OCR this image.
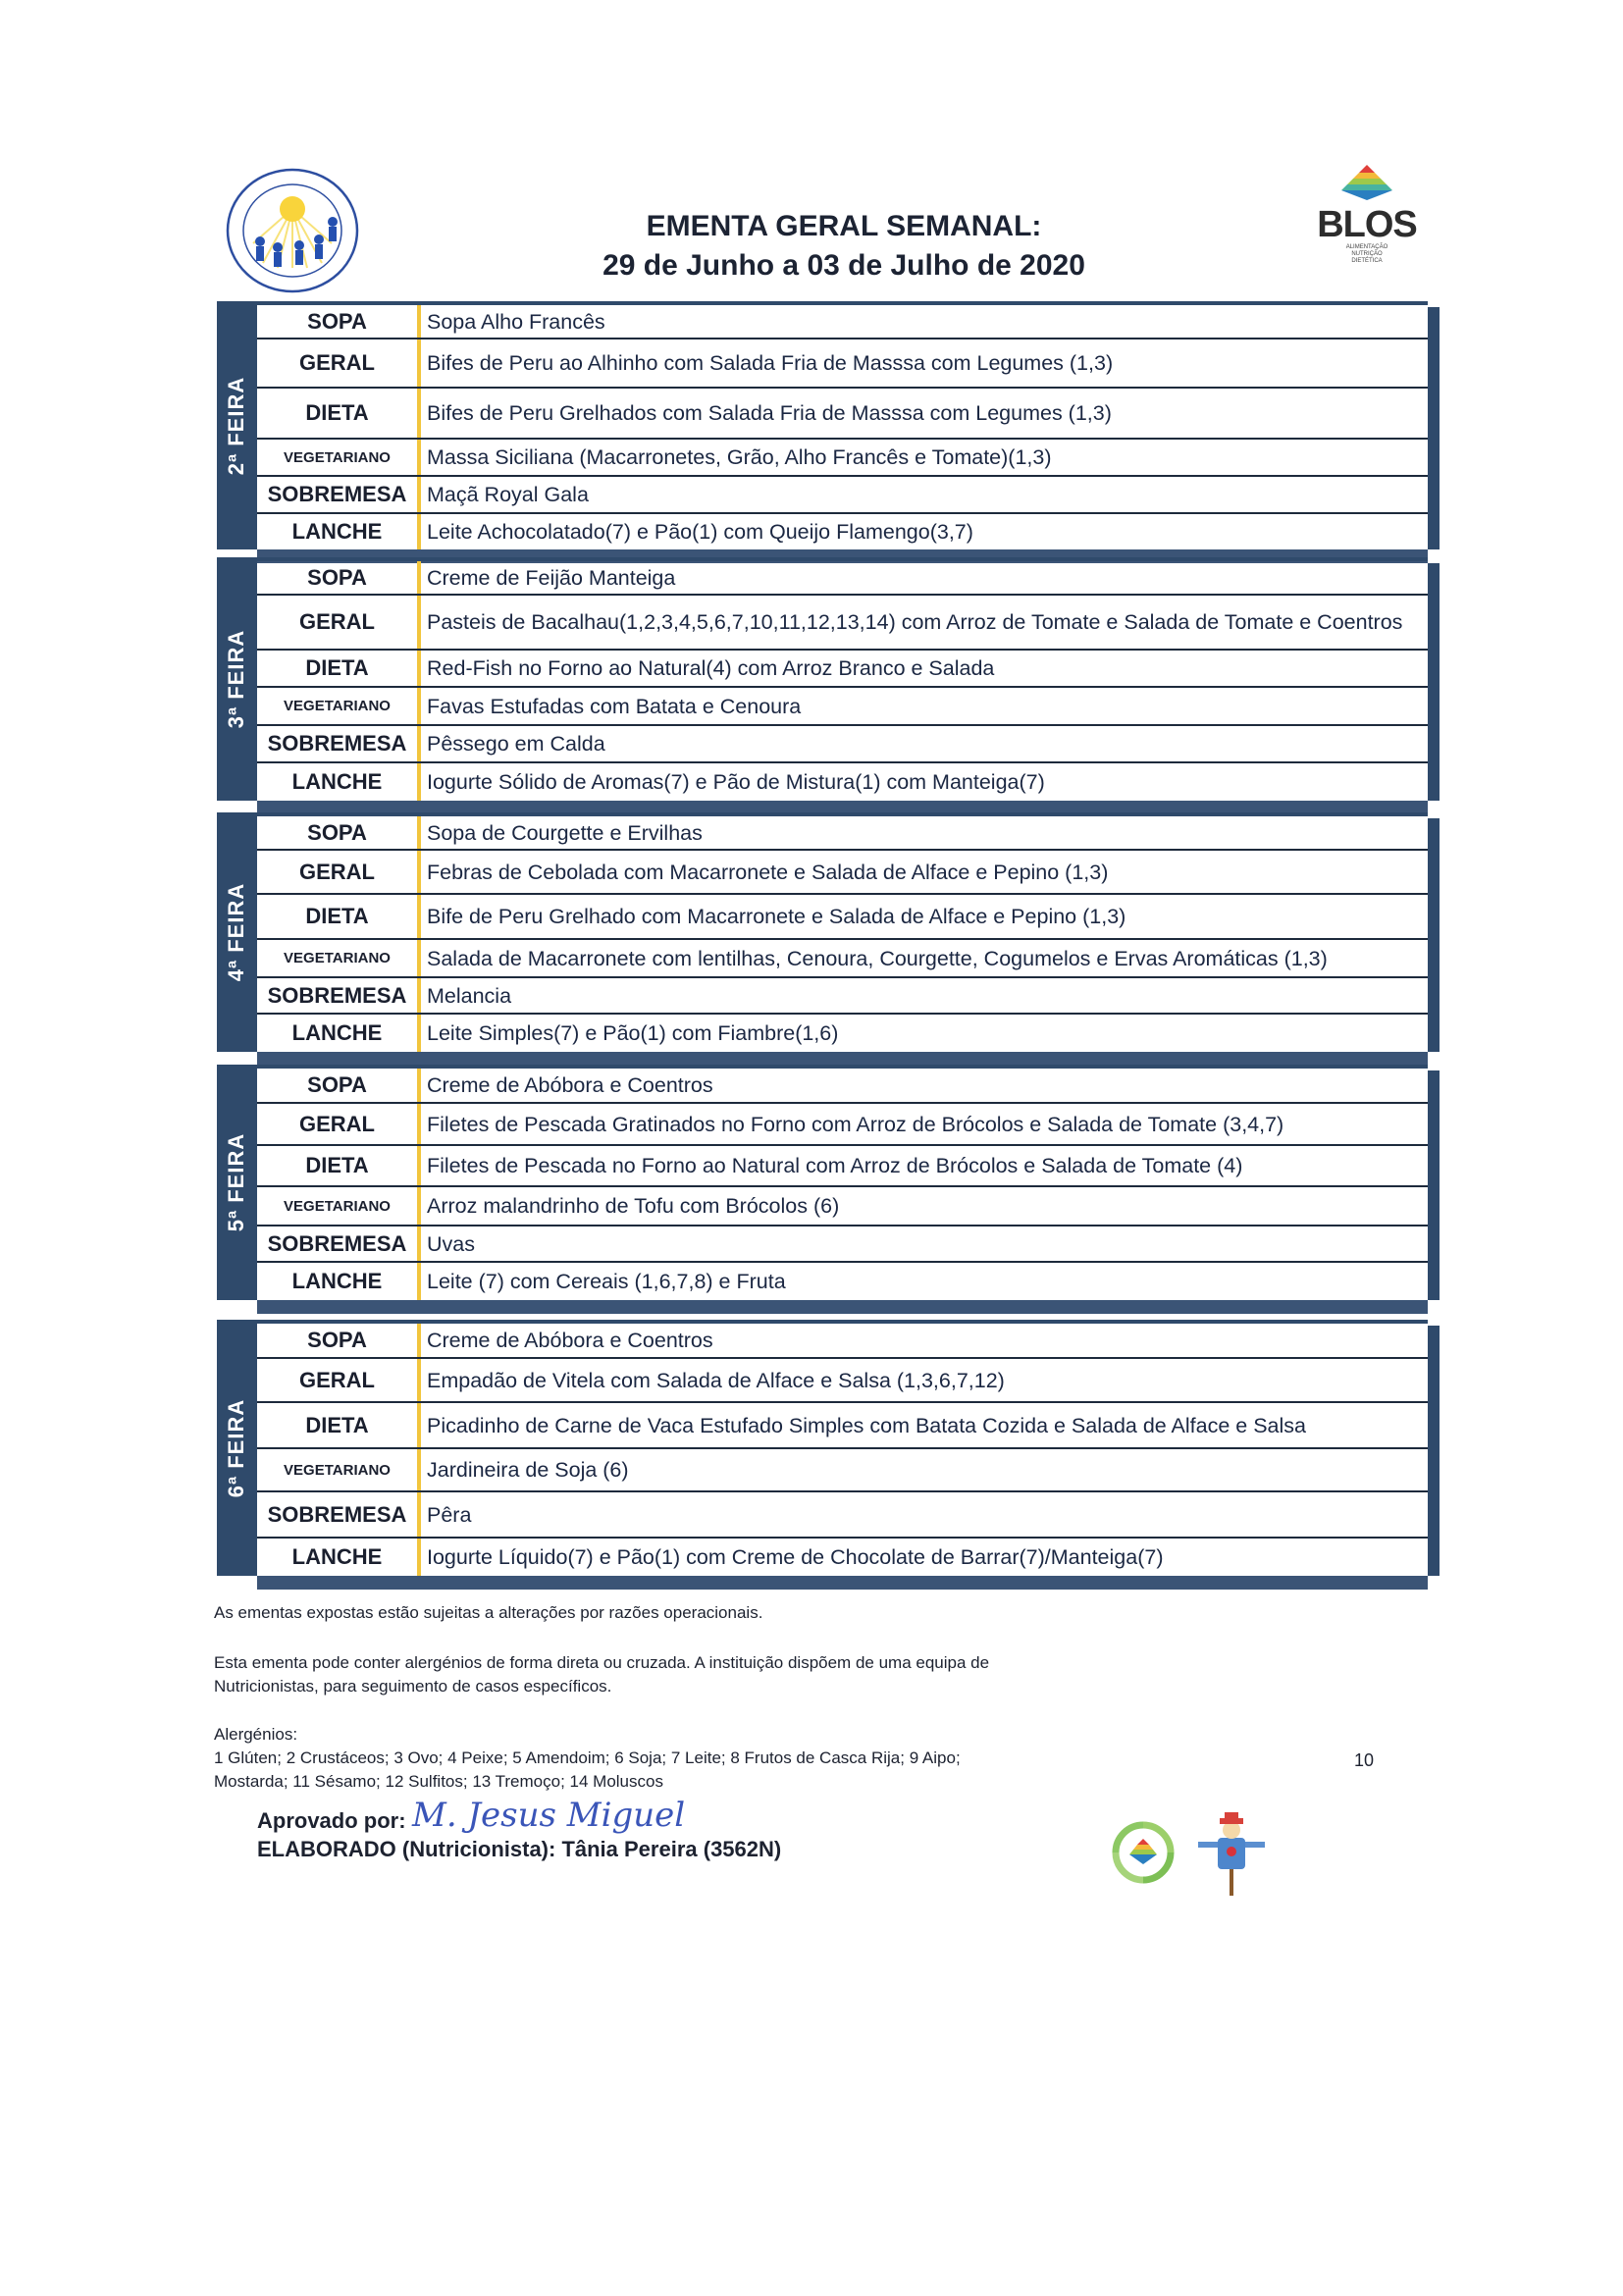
EMENTA GERAL SEMANAL:
29 de Junho a 03 de Julho de 2020
BLOS
ALIMENTAÇÃO NUTRIÇÃO DIETÉTICA
2ª FEIRA
SOPA	Sopa Alho Francês
GERAL	Bifes de Peru ao Alhinho com Salada Fria de Masssa com Legumes (1,3)
DIETA	Bifes de Peru Grelhados com Salada Fria de Masssa com Legumes (1,3)
VEGETARIANO	Massa Siciliana (Macarronetes, Grão, Alho Francês e Tomate)(1,3)
SOBREMESA Maçã Royal Gala
LANCHE	Leite Achocolatado(7) e Pão(1) com Queijo Flamengo(3,7)
3ª FEIRA
SOPA	Creme de Feijão Manteiga
GERAL	Pasteis de Bacalhau(1,2,3,4,5,6,7,10,11,12,13,14) com Arroz de Tomate e Salada de Tomate e Coentros
DIETA	Red-Fish no Forno ao Natural(4) com Arroz Branco e Salada
VEGETARIANO	Favas Estufadas com Batata e Cenoura
SOBREMESA Pêssego em Calda
LANCHE	Iogurte Sólido de Aromas(7) e Pão de Mistura(1) com Manteiga(7)
4ª FEIRA
SOPA	Sopa de Courgette e Ervilhas
GERAL	Febras de Cebolada com Macarronete e Salada de Alface e Pepino (1,3)
DIETA	Bife de Peru Grelhado com Macarronete e Salada de Alface e Pepino (1,3)
VEGETARIANO	Salada de Macarronete com lentilhas, Cenoura, Courgette, Cogumelos e Ervas Aromáticas (1,3)
SOBREMESA Melancia
LANCHE	Leite Simples(7) e Pão(1) com Fiambre(1,6)
5ª FEIRA
SOPA	Creme de Abóbora e Coentros
GERAL	Filetes de Pescada Gratinados no Forno com Arroz de Brócolos e Salada de Tomate (3,4,7)
DIETA	Filetes de Pescada no Forno ao Natural com Arroz de Brócolos e Salada de Tomate (4)
VEGETARIANO	Arroz malandrinho de Tofu com Brócolos (6)
SOBREMESA Uvas
LANCHE	Leite (7) com Cereais (1,6,7,8) e Fruta
6ª FEIRA
SOPA	Creme de Abóbora e Coentros
GERAL	Empadão de Vitela com Salada de Alface e Salsa (1,3,6,7,12)
DIETA	Picadinho de Carne de Vaca Estufado Simples com Batata Cozida e Salada de Alface e Salsa
VEGETARIANO	Jardineira de Soja (6)
SOBREMESA Pêra
LANCHE	Iogurte Líquido(7) e Pão(1) com Creme de Chocolate de Barrar(7)/Manteiga(7)
As ementas expostas estão sujeitas a alterações por razões operacionais.
Esta ementa pode conter alergénios de forma direta ou cruzada. A instituição dispõem de uma equipa de
Nutricionistas, para seguimento de casos específicos.
Alergénios:
1 Glúten; 2 Crustáceos; 3 Ovo; 4 Peixe; 5 Amendoim; 6 Soja; 7 Leite; 8 Frutos de Casca Rija; 9 Aipo;
Mostarda; 11 Sésamo; 12 Sulfitos; 13 Tremoço; 14 Moluscos
10
Aprovado por: M. Jesus Miguel
ELABORADO (Nutricionista): Tânia Pereira (3562N)
